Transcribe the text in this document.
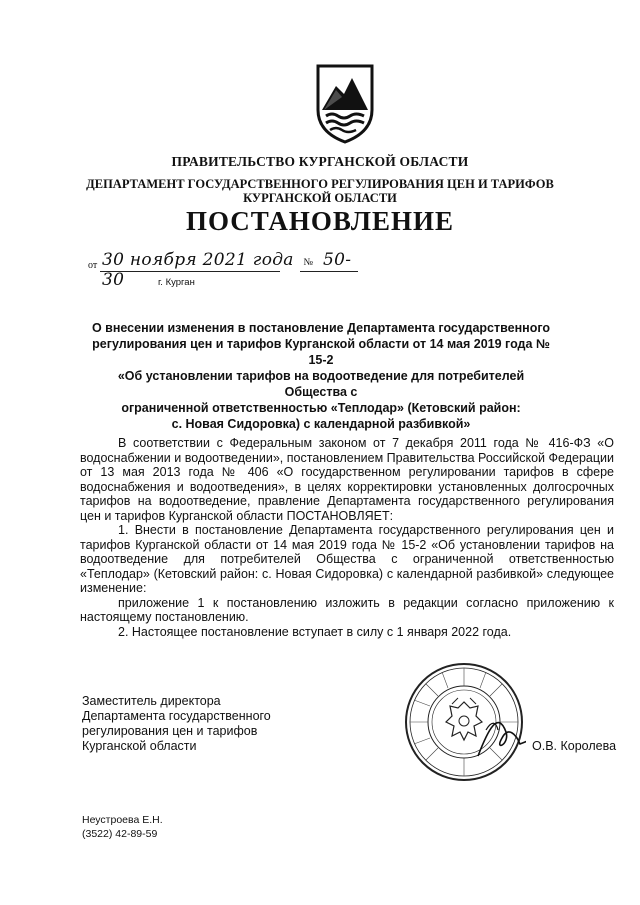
ПРАВИТЕЛЬСТВО КУРГАНСКОЙ ОБЛАСТИ
ДЕПАРТАМЕНТ ГОСУДАРСТВЕННОГО РЕГУЛИРОВАНИЯ ЦЕН И ТАРИФОВ
КУРГАНСКОЙ ОБЛАСТИ
ПОСТАНОВЛЕНИЕ
от 30 ноября 2021 года № 50-30	г. Курган
О внесении изменения в постановление Департамента государственного
регулирования цен и тарифов Курганской области от 14 мая 2019 года № 15-2
«Об установлении тарифов на водоотведение для потребителей Общества с
ограниченной ответственностью «Теплодар» (Кетовский район:
с. Новая Сидоровка) с календарной разбивкой»

В соответствии с Федеральным законом от 7 декабря 2011 года № 416-ФЗ «О водоснабжении и водоотведении», постановлением Правительства Российской Федерации от 13 мая 2013 года № 406 «О государственном регулировании тарифов в сфере водоснабжения и водоотведения», в целях корректировки установленных долгосрочных тарифов на водоотведение, правление Департамента государственного регулирования цен и тарифов Курганской области ПОСТАНОВЛЯЕТ:

1. Внести в постановление Департамента государственного регулирования цен и тарифов Курганской области от 14 мая 2019 года № 15-2 «Об установлении тарифов на водоотведение для потребителей Общества с ограниченной ответственностью «Теплодар» (Кетовский район: с. Новая Сидоровка) с календарной разбивкой» следующее изменение:

приложение 1 к постановлению изложить в редакции согласно приложению к настоящему постановлению.

2. Настоящее постановление вступает в силу с 1 января 2022 года.

Заместитель директора
Департамента государственного
регулирования цен и тарифов
Курганской области	О.В. Королева
Неустроева Е.Н.
(3522) 42-89-59
